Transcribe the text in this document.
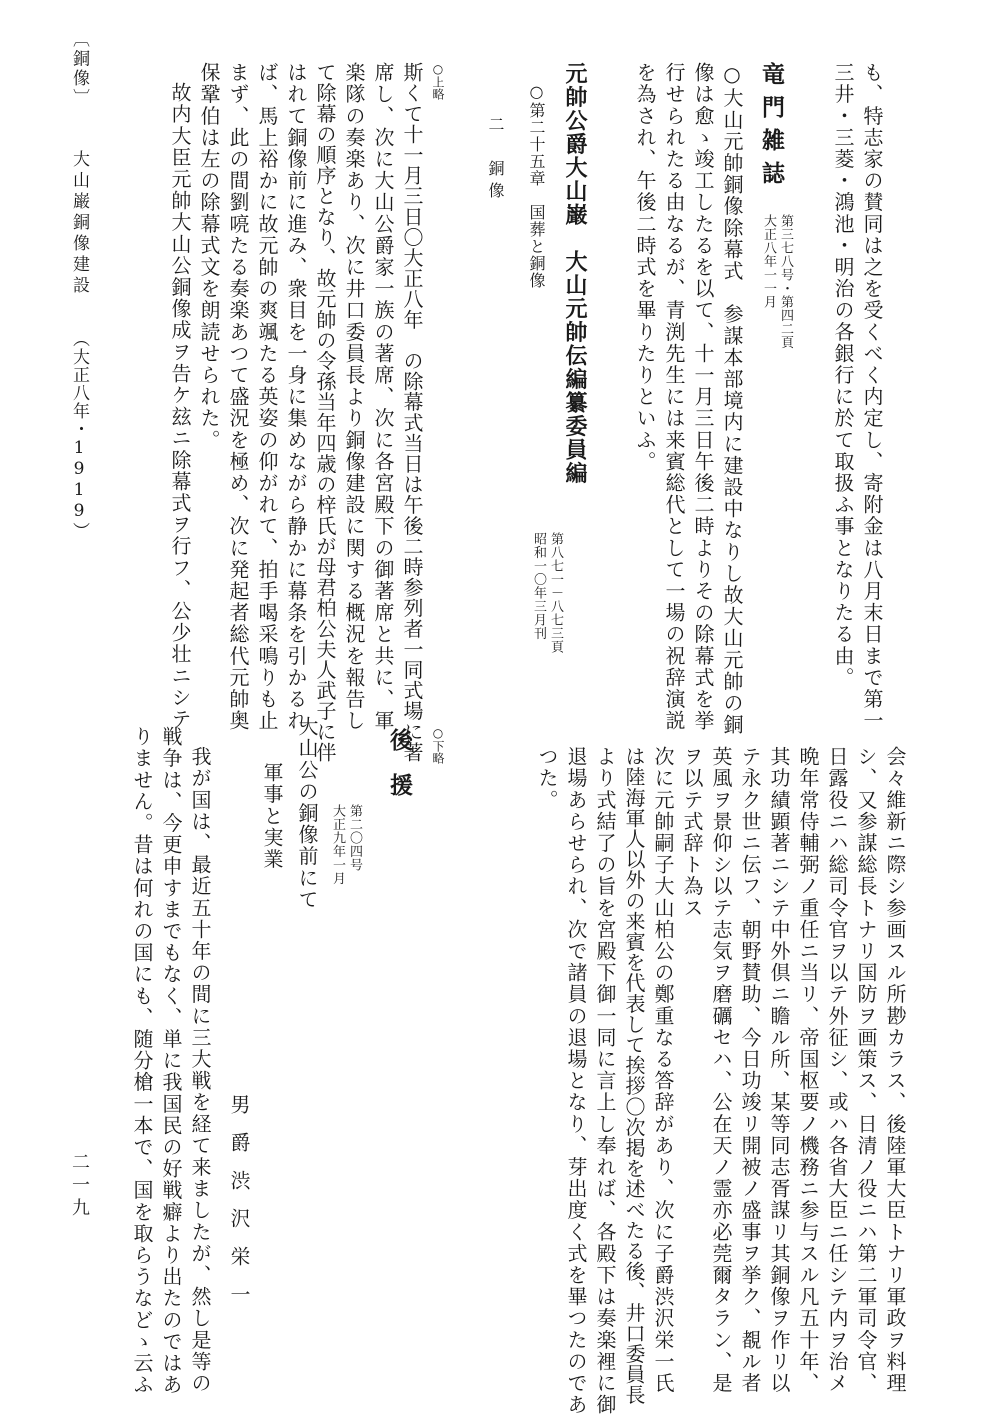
も、特志家の賛同は之を受くべく内定し、寄附金は八月末日まで第一
三井・三菱・鴻池・明治の各銀行に於て取扱ふ事となりたる由。
竜門雑誌
第三七八号・第四二頁
大正八年一一月
○大山元帥銅像除幕式　参謀本部境内に建設中なりし故大山元帥の銅
像は愈ゝ竣工したるを以て、十一月三日午後二時よりその除幕式を挙
行せられたる由なるが、青渕先生には来賓総代として一場の祝辞演説
を為され、午後二時式を畢りたりといふ。
元帥公爵大山巌　大山元帥伝編纂委員編
第八七一－八七三頁
昭和一〇年三月刊
○第二十五章　国葬と銅像
二　銅像
○上略
斯くて十一月三日〇大正八年　の除幕式当日は午後二時参列者一同式場に著
席し、次に大山公爵家一族の著席、次に各宮殿下の御著席と共に、軍
楽隊の奏楽あり、次に井口委員長より銅像建設に関する概況を報告し
て除幕の順序となり、故元帥の令孫当年四歳の梓氏が母君柏公夫人武子に伴
はれて銅像前に進み、衆目を一身に集めながら静かに幕条を引かるれ
ば、馬上裕かに故元帥の爽颯たる英姿の仰がれて、拍手喝采鳴りも止
まず、此の間劉喨たる奏楽あつて盛況を極め、次に発起者総代元帥奥
保鞏伯は左の除幕式文を朗読せられた。
故内大臣元帥大山公銅像成ヲ告ケ玆ニ除幕式ヲ行フ、公少壮ニシテ
〔銅像〕
大山巌銅像建設
（大正八年・1919）
会々維新ニ際シ参画スル所尠カラス、後陸軍大臣トナリ軍政ヲ料理
シ、又参謀総長トナリ国防ヲ画策ス、日清ノ役ニハ第二軍司令官、
日露役ニハ総司令官ヲ以テ外征シ、或ハ各省大臣ニ任シテ内ヲ治メ
晩年常侍輔弼ノ重任ニ当リ、帝国枢要ノ機務ニ参与スル凡五十年、
其功績顕著ニシテ中外倶ニ瞻ル所、某等同志胥謀リ其銅像ヲ作リ以
テ永ク世ニ伝フ、朝野賛助、今日功竣リ開被ノ盛事ヲ挙ク、覩ル者
英風ヲ景仰シ以テ志気ヲ磨礪セハ、公在天ノ霊亦必莞爾タラン、是
ヲ以テ式辞ト為ス
次に元帥嗣子大山柏公の鄭重なる答辞があり、次に子爵渋沢栄一氏
は陸海軍人以外の来賓を代表して挨拶〇次掲を述べたる後、井口委員長
より式結了の旨を宮殿下御一同に言上し奉れば、各殿下は奏楽裡に御
退場あらせられ、次で諸員の退場となり、芽出度く式を畢つたのであ
つた。
○下略
後援
第二〇四号
大正九年一月
大山公の銅像前にて
軍事と実業
男爵渋沢栄一
我が国は、最近五十年の間に三大戦を経て来ましたが、然し是等の
戦争は、今更申すまでもなく、単に我国民の好戦癖より出たのではあ
りません。昔は何れの国にも、随分槍一本で、国を取らうなどゝ云ふ
二一九
